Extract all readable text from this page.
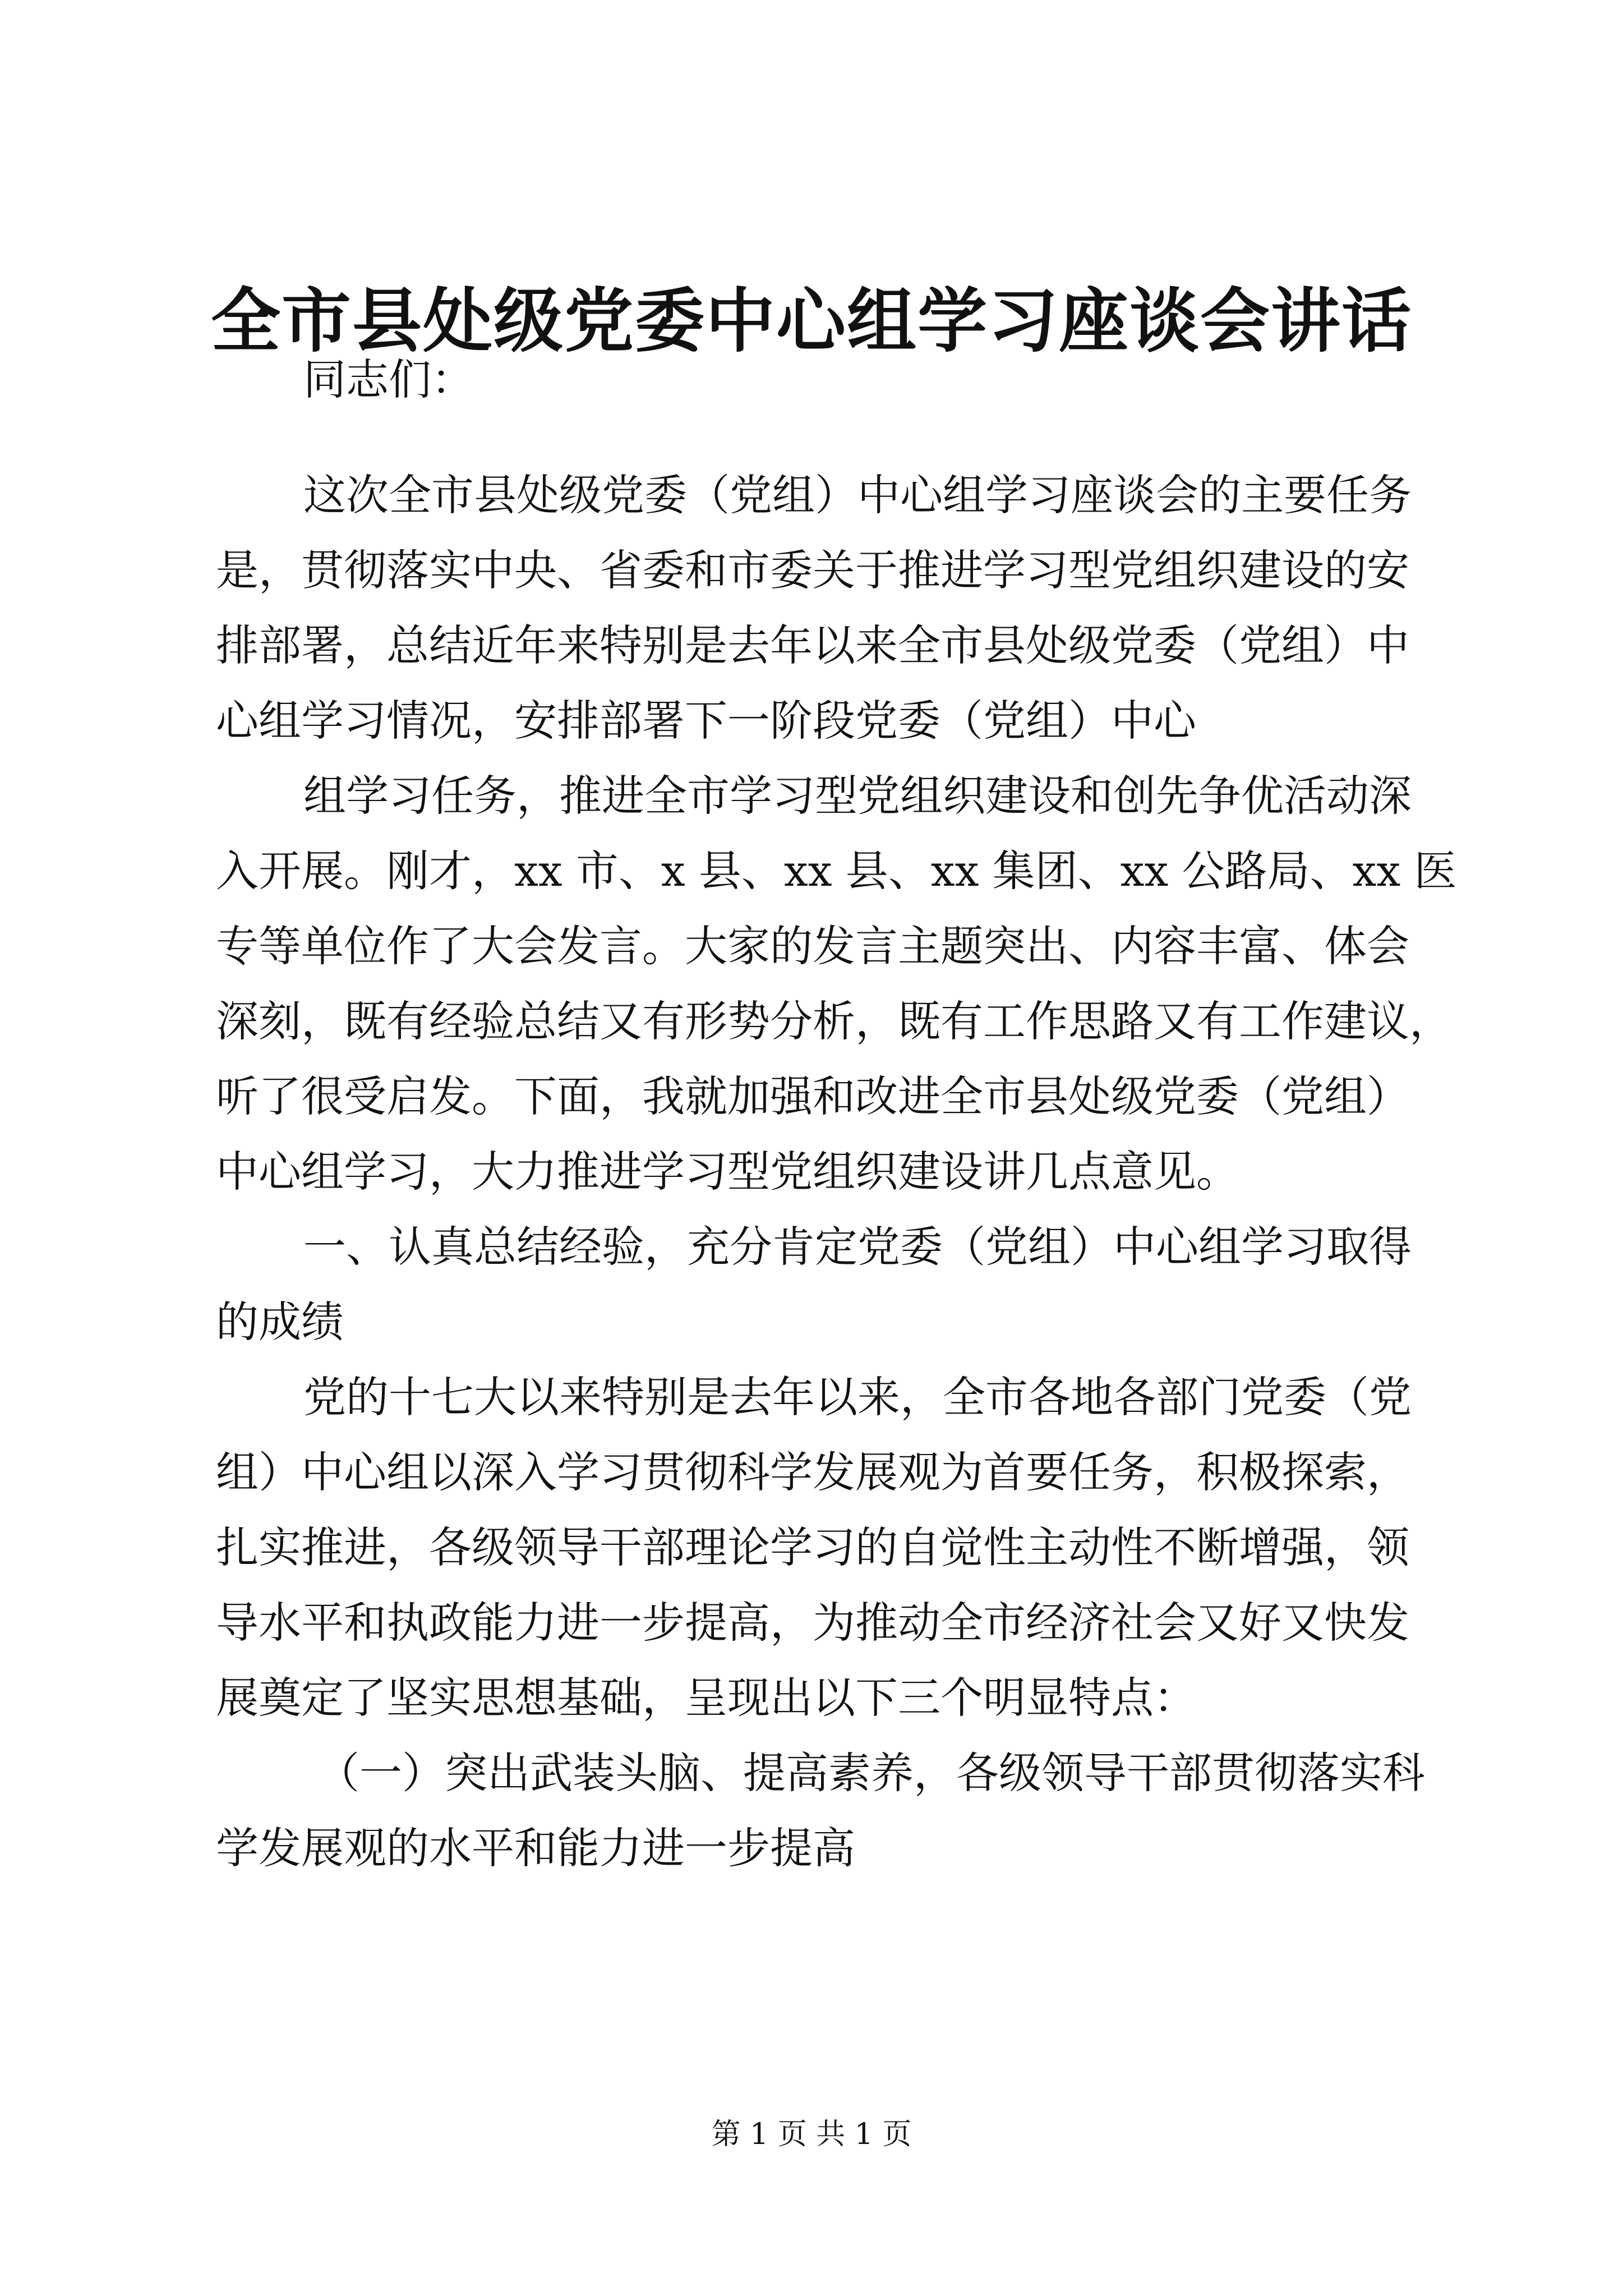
全市县处级党委中心组学习座谈会讲话

同志们：

这次全市县处级党委（党组）中心组学习座谈会的主要任务

是，贯彻落实中央、省委和市委关于推进学习型党组织建设的安

排部署，总结近年来特别是去年以来全市县处级党委（党组）中

心组学习情况，安排部署下一阶段党委（党组）中心

组学习任务，推进全市学习型党组织建设和创先争优活动深

入开展。刚才，xx 市、x 县、xx 县、xx 集团、xx 公路局、xx 医

专等单位作了大会发言。大家的发言主题突出、内容丰富、体会

深刻，既有经验总结又有形势分析，既有工作思路又有工作建议，

听了很受启发。下面，我就加强和改进全市县处级党委（党组）

中心组学习，大力推进学习型党组织建设讲几点意见。

一、认真总结经验，充分肯定党委（党组）中心组学习取得

的成绩

党的十七大以来特别是去年以来，全市各地各部门党委（党

组）中心组以深入学习贯彻科学发展观为首要任务，积极探索，

扎实推进，各级领导干部理论学习的自觉性主动性不断增强，领

导水平和执政能力进一步提高，为推动全市经济社会又好又快发

展奠定了坚实思想基础，呈现出以下三个明显特点：

（一）突出武装头脑、提高素养，各级领导干部贯彻落实科

学发展观的水平和能力进一步提高

第 1 页 共 1 页
